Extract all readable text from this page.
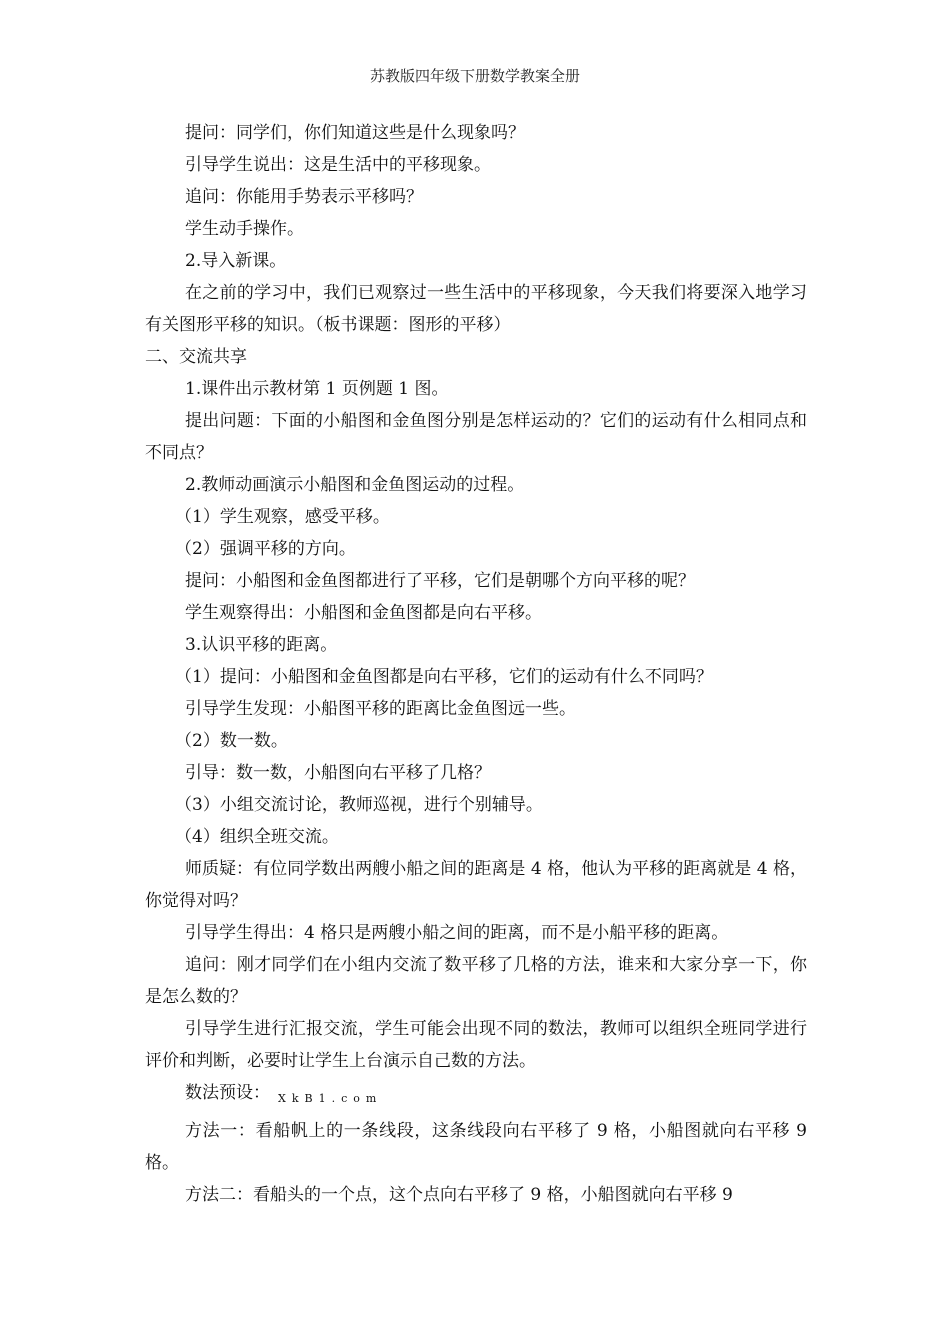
苏教版四年级下册数学教案全册

提问：同学们，你们知道这些是什么现象吗？

引导学生说出：这是生活中的平移现象。

追问：你能用手势表示平移吗？

学生动手操作。

2.导入新课。

在之前的学习中，我们已观察过一些生活中的平移现象，今天我们将要深入地学习有关图形平移的知识。（板书课题：图形的平移）

二、交流共享

1.课件出示教材第 1 页例题 1 图。

提出问题：下面的小船图和金鱼图分别是怎样运动的？它们的运动有什么相同点和不同点？

2.教师动画演示小船图和金鱼图运动的过程。

（1）学生观察，感受平移。

（2）强调平移的方向。

提问：小船图和金鱼图都进行了平移，它们是朝哪个方向平移的呢？

学生观察得出：小船图和金鱼图都是向右平移。

3.认识平移的距离。

（1）提问：小船图和金鱼图都是向右平移，它们的运动有什么不同吗？

引导学生发现：小船图平移的距离比金鱼图远一些。

（2）数一数。

引导：数一数，小船图向右平移了几格？

（3）小组交流讨论，教师巡视，进行个别辅导。

（4）组织全班交流。

师质疑：有位同学数出两艘小船之间的距离是 4 格，他认为平移的距离就是 4 格，你觉得对吗？

引导学生得出：4 格只是两艘小船之间的距离，而不是小船平移的距离。

追问：刚才同学们在小组内交流了数平移了几格的方法，谁来和大家分享一下，你是怎么数的？

引导学生进行汇报交流，学生可能会出现不同的数法，教师可以组织全班同学进行评价和判断，必要时让学生上台演示自己数的方法。

数法预设： $_{XkB1.com}$

方法一：看船帆上的一条线段，这条线段向右平移了 9 格，小船图就向右平移 9 格。

方法二：看船头的一个点，这个点向右平移了 9 格，小船图就向右平移 9
